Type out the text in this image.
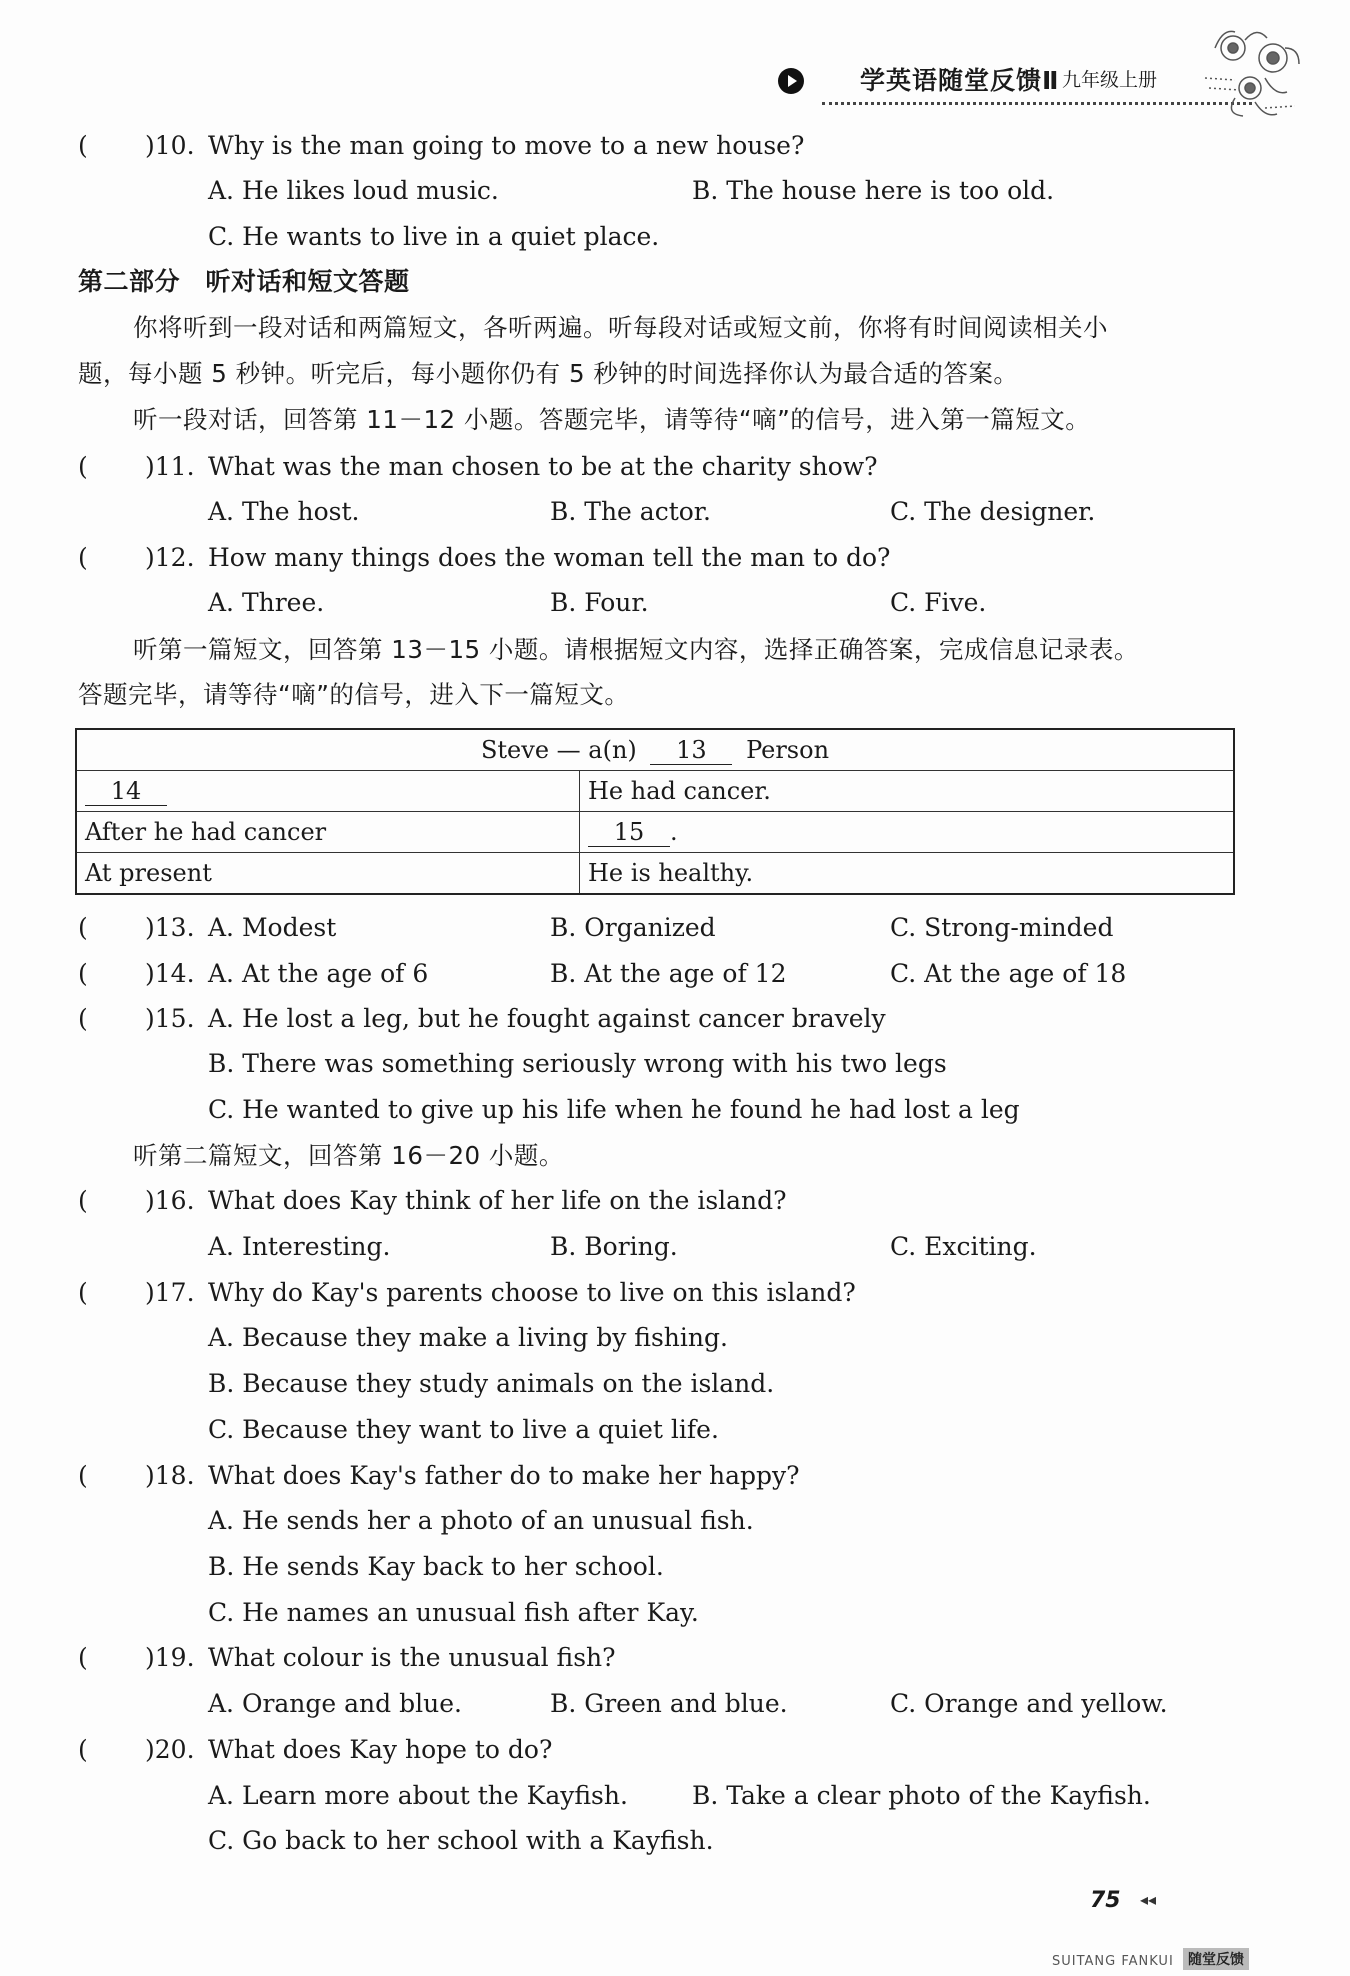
学英语随堂反馈Ⅱ 九年级上册
( )10. Why is the man going to move to a new house?
A. He likes loud music.	B. The house here is too old.
C. He wants to live in a quiet place.
第二部分　听对话和短文答题
你将听到一段对话和两篇短文，各听两遍。听每段对话或短文前，你将有时间阅读相关小
题，每小题 5 秒钟。听完后，每小题你仍有 5 秒钟的时间选择你认为最合适的答案。
听一段对话，回答第 11－12 小题。答题完毕，请等待“嘀”的信号，进入第一篇短文。
( )11. What was the man chosen to be at the charity show?
A. The host.	B. The actor.	C. The designer.
( )12. How many things does the woman tell the man to do?
A. Three.	B. Four.	C. Five.
听第一篇短文，回答第 13－15 小题。请根据短文内容，选择正确答案，完成信息记录表。
答题完毕，请等待“嘀”的信号，进入下一篇短文。
Steve — a(n) 13 Person	
14	He had cancer.
After he had cancer	15 .
At present	He is healthy.
( )13. A. Modest	B. Organized	C. Strong-minded
( )14. A. At the age of 6	B. At the age of 12	C. At the age of 18
( )15. A. He lost a leg, but he fought against cancer bravely
B. There was something seriously wrong with his two legs
C. He wanted to give up his life when he found he had lost a leg
听第二篇短文，回答第 16－20 小题。
( )16. What does Kay think of her life on the island?
A. Interesting.	B. Boring.	C. Exciting.
( )17. Why do Kay's parents choose to live on this island?
A. Because they make a living by fishing.
B. Because they study animals on the island.
C. Because they want to live a quiet life.
( )18. What does Kay's father do to make her happy?
A. He sends her a photo of an unusual fish.
B. He sends Kay back to her school.
C. He names an unusual fish after Kay.
( )19. What colour is the unusual fish?
A. Orange and blue.	B. Green and blue.	C. Orange and yellow.
( )20. What does Kay hope to do?
A. Learn more about the Kayfish.	B. Take a clear photo of the Kayfish.
C. Go back to her school with a Kayfish.
75 ◂◂
SUITANG FANKUI	随堂反馈
